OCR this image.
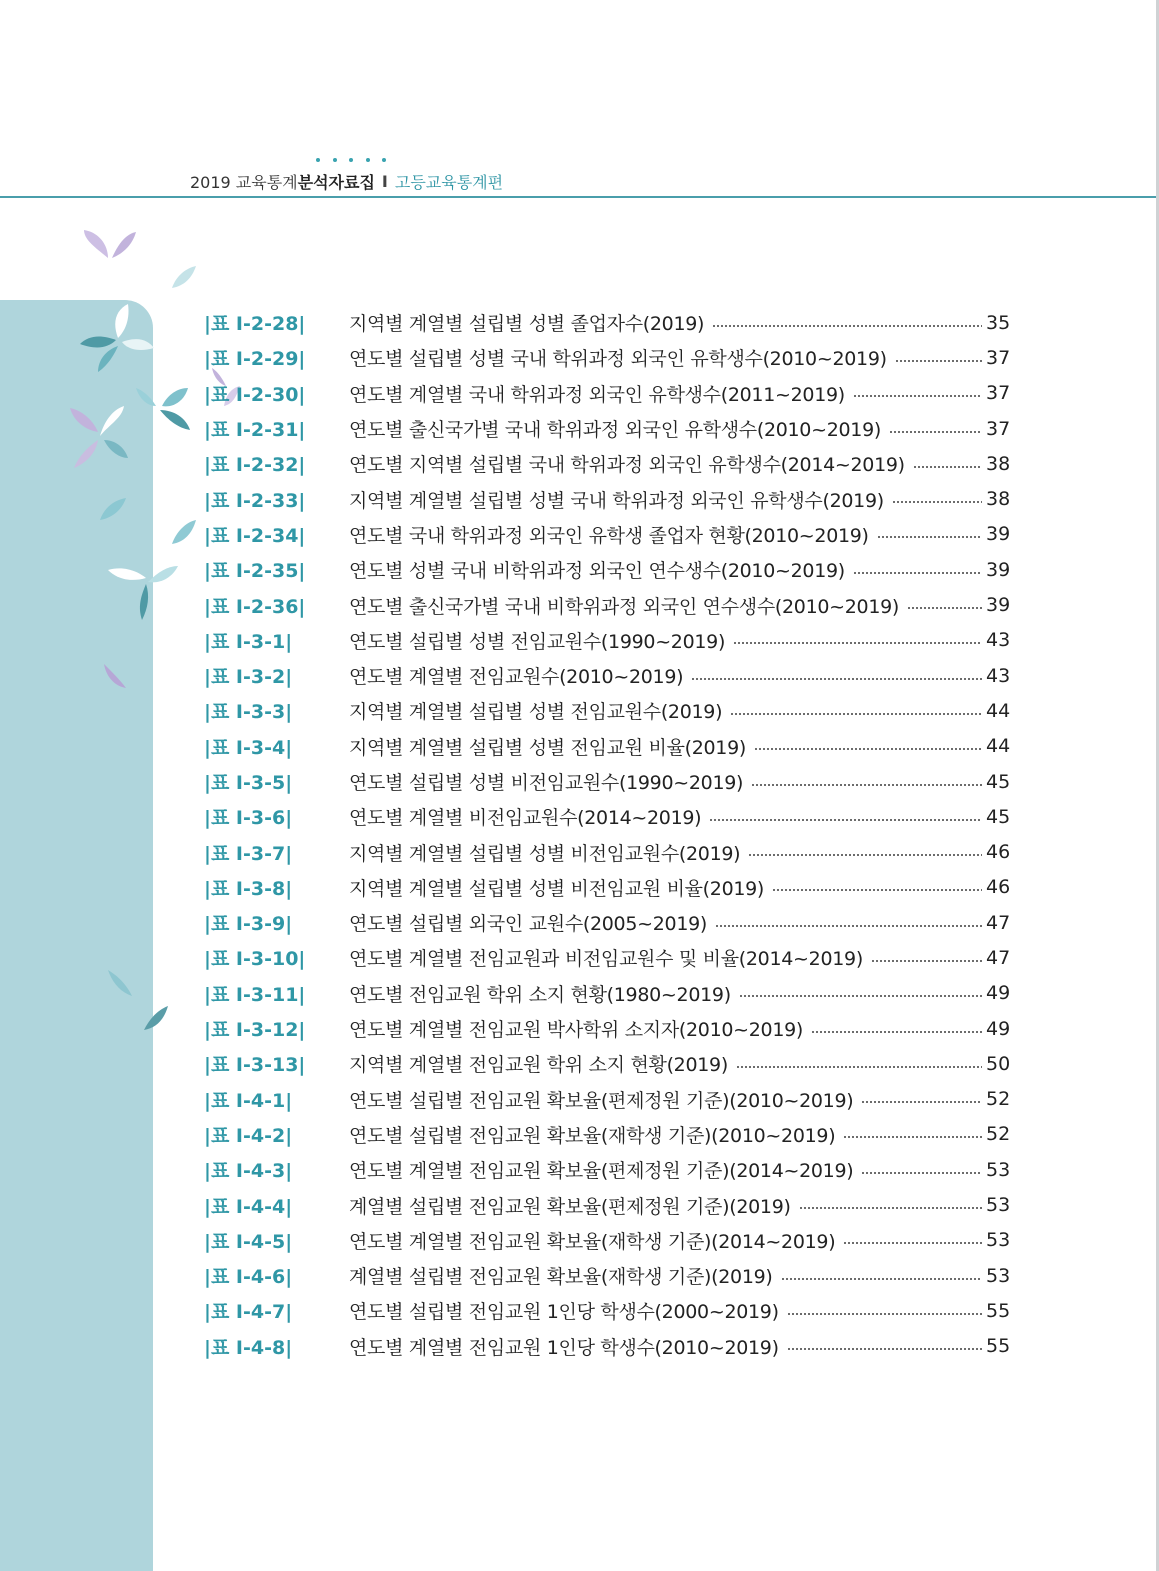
2019 교육통계 분석자료집 I 고등교육통계편
|표 Ⅰ-2-28|	지역별 계열별 설립별 성별 졸업자수(2019)	35
|표 Ⅰ-2-29|	연도별 설립별 성별 국내 학위과정 외국인 유학생수(2010~2019)	37
|표 Ⅰ-2-30|	연도별 계열별 국내 학위과정 외국인 유학생수(2011~2019)	37
|표 Ⅰ-2-31|	연도별 출신국가별 국내 학위과정 외국인 유학생수(2010~2019)	37
|표 Ⅰ-2-32|	연도별 지역별 설립별 국내 학위과정 외국인 유학생수(2014~2019)	38
|표 Ⅰ-2-33|	지역별 계열별 설립별 성별 국내 학위과정 외국인 유학생수(2019)	38
|표 Ⅰ-2-34|	연도별 국내 학위과정 외국인 유학생 졸업자 현황(2010~2019)	39
|표 Ⅰ-2-35|	연도별 성별 국내 비학위과정 외국인 연수생수(2010~2019)	39
|표 Ⅰ-2-36|	연도별 출신국가별 국내 비학위과정 외국인 연수생수(2010~2019)	39
|표 Ⅰ-3-1|	연도별 설립별 성별 전임교원수(1990~2019)	43
|표 Ⅰ-3-2|	연도별 계열별 전임교원수(2010~2019)	43
|표 Ⅰ-3-3|	지역별 계열별 설립별 성별 전임교원수(2019)	44
|표 Ⅰ-3-4|	지역별 계열별 설립별 성별 전임교원 비율(2019)	44
|표 Ⅰ-3-5|	연도별 설립별 성별 비전임교원수(1990~2019)	45
|표 Ⅰ-3-6|	연도별 계열별 비전임교원수(2014~2019)	45
|표 Ⅰ-3-7|	지역별 계열별 설립별 성별 비전임교원수(2019)	46
|표 Ⅰ-3-8|	지역별 계열별 설립별 성별 비전임교원 비율(2019)	46
|표 Ⅰ-3-9|	연도별 설립별 외국인 교원수(2005~2019)	47
|표 Ⅰ-3-10|	연도별 계열별 전임교원과 비전임교원수 및 비율(2014~2019)	47
|표 Ⅰ-3-11|	연도별 전임교원 학위 소지 현황(1980~2019)	49
|표 Ⅰ-3-12|	연도별 계열별 전임교원 박사학위 소지자(2010~2019)	49
|표 Ⅰ-3-13|	지역별 계열별 전임교원 학위 소지 현황(2019)	50
|표 Ⅰ-4-1|	연도별 설립별 전임교원 확보율(편제정원 기준)(2010~2019)	52
|표 Ⅰ-4-2|	연도별 설립별 전임교원 확보율(재학생 기준)(2010~2019)	52
|표 Ⅰ-4-3|	연도별 계열별 전임교원 확보율(편제정원 기준)(2014~2019)	53
|표 Ⅰ-4-4|	계열별 설립별 전임교원 확보율(편제정원 기준)(2019)	53
|표 Ⅰ-4-5|	연도별 계열별 전임교원 확보율(재학생 기준)(2014~2019)	53
|표 Ⅰ-4-6|	계열별 설립별 전임교원 확보율(재학생 기준)(2019)	53
|표 Ⅰ-4-7|	연도별 설립별 전임교원 1인당 학생수(2000~2019)	55
|표 Ⅰ-4-8|	연도별 계열별 전임교원 1인당 학생수(2010~2019)	55
